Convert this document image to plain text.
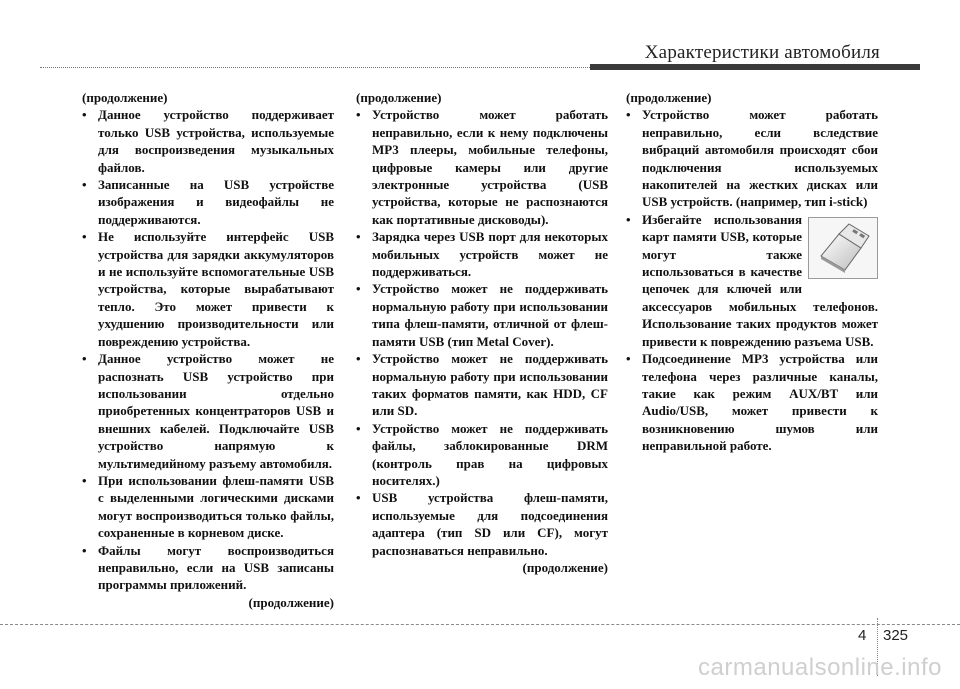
Характеристики автомобиля

(продолжение)

• Данное устройство поддерживает только USB устройства, используемые для воспроизведения музыкальных файлов.
• Записанные на USB устройстве изображения и видеофайлы не поддерживаются.
• Не используйте интерфейс USB устройства для зарядки аккумуляторов и не используйте вспомогательные USB устройства, которые вырабатывают тепло. Это может привести к ухудшению производительности или повреждению устройства.
• Данное устройство может не распознать USB устройство при использовании отдельно приобретенных концентраторов USB и внешних кабелей. Подключайте USB устройство напрямую к мультимедийному разъему автомобиля.
• При использовании флеш-памяти USB с выделенными логическими дисками могут воспроизводиться только файлы, сохраненные в корневом диске.
• Файлы могут воспроизводиться неправильно, если на USB записаны программы приложений.

(продолжение)

(продолжение)

• Устройство может работать неправильно, если к нему подключены MP3 плееры, мобильные телефоны, цифровые камеры или другие электронные устройства (USB устройства, которые не распознаются как портативные дисководы).
• Зарядка через USB порт для некоторых мобильных устройств может не поддерживаться.
• Устройство может не поддерживать нормальную работу при использовании типа флеш-памяти, отличной от флеш-памяти USB (тип Metal Cover).
• Устройство может не поддерживать нормальную работу при использовании таких форматов памяти, как HDD, CF или SD.
• Устройство может не поддерживать файлы, заблокированные DRM (контроль прав на цифровых носителях.)
• USB устройства флеш-памяти, используемые для подсоединения адаптера (тип SD или CF), могут распознаваться неправильно.

(продолжение)

(продолжение)

• Устройство может работать неправильно, если вследствие вибраций автомобиля происходят сбои подключения используемых накопителей на жестких дисках или USB устройств. (например, тип i-stick)
• Избегайте использования карт памяти USB, которые могут также использоваться в качестве цепочек для ключей или аксессуаров мобильных телефонов. Использование таких продуктов может привести к повреждению разъема USB.
• Подсоединение MP3 устройства или телефона через различные каналы, такие как режим AUX/BT или Audio/USB, может привести к возникновению шумов или неправильной работе.
4 325
carmanualsonline.info
